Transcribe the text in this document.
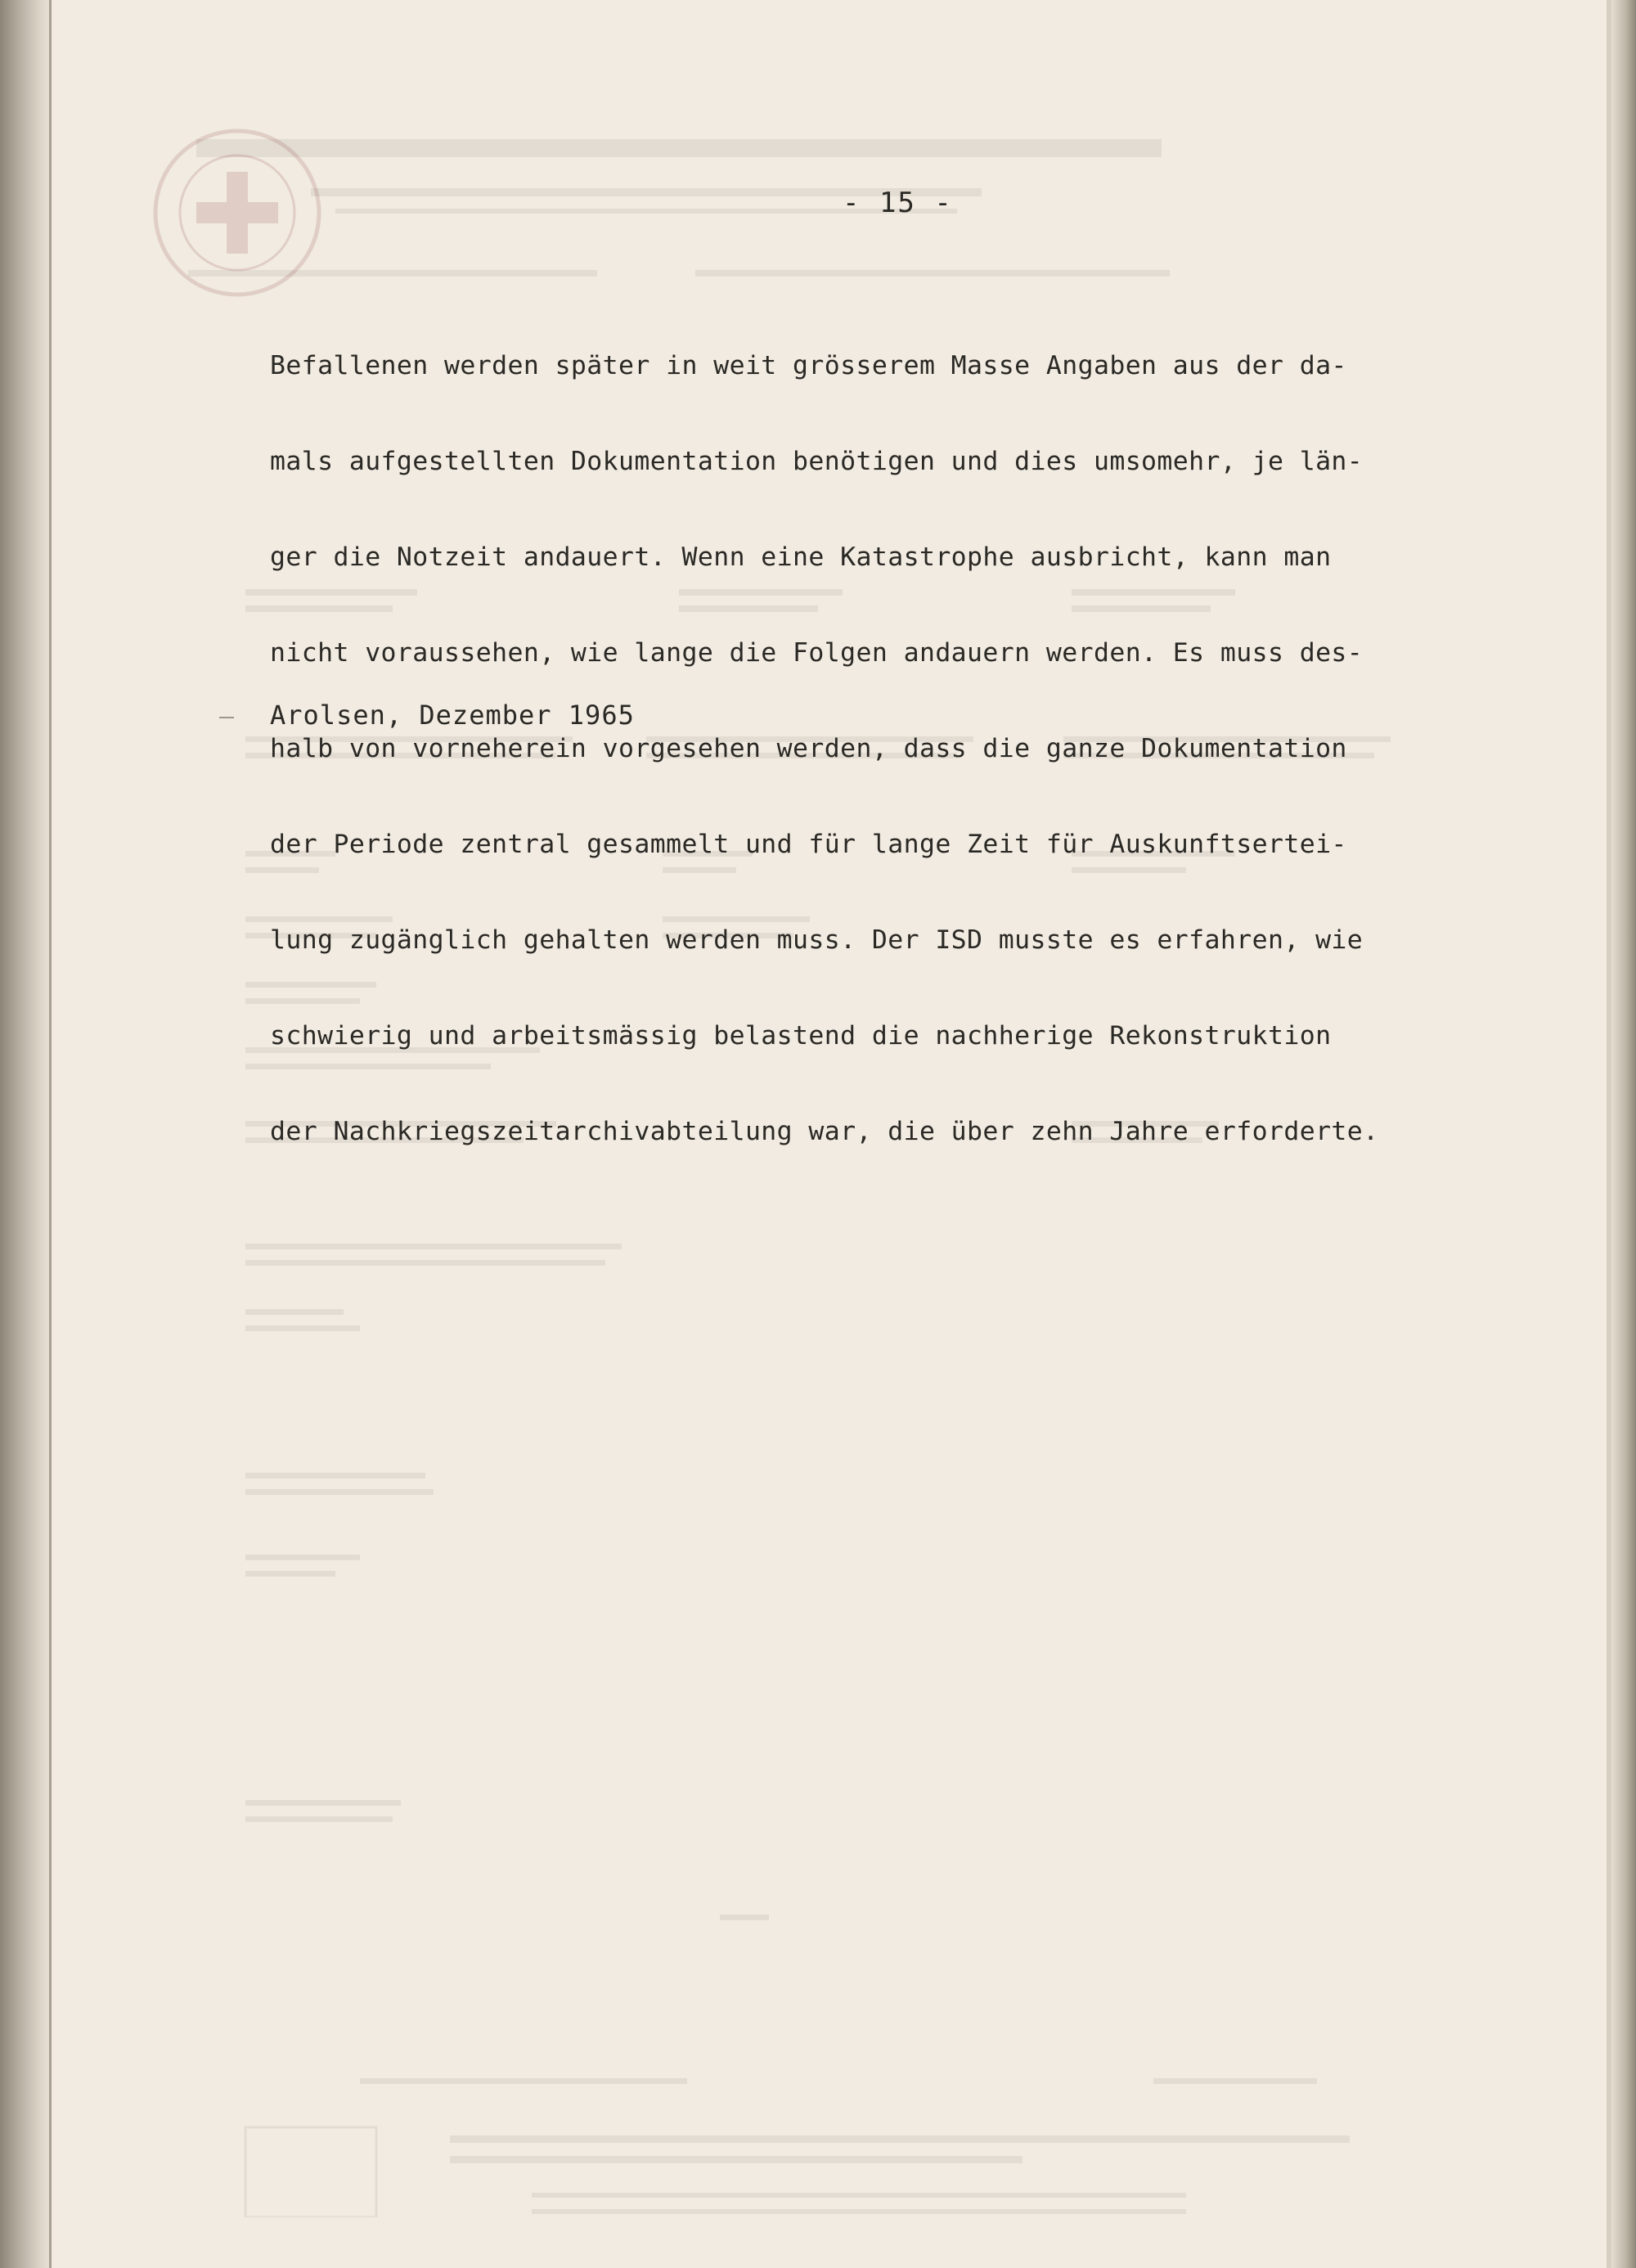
- 15 -

Befallenen werden später in weit grösserem Masse Angaben aus der da-

mals aufgestellten Dokumentation benötigen und dies umsomehr, je län-

ger die Notzeit andauert. Wenn eine Katastrophe ausbricht, kann man

nicht voraussehen, wie lange die Folgen andauern werden. Es muss des-

halb von vorneherein vorgesehen werden, dass die ganze Dokumentation

der Periode zentral gesammelt und für lange Zeit für Auskunftsertei-

lung zugänglich gehalten werden muss. Der ISD musste es erfahren, wie

schwierig und arbeitsmässig belastend die nachherige Rekonstruktion

der Nachkriegszeitarchivabteilung war, die über zehn Jahre erforderte.

Arolsen, Dezember 1965
